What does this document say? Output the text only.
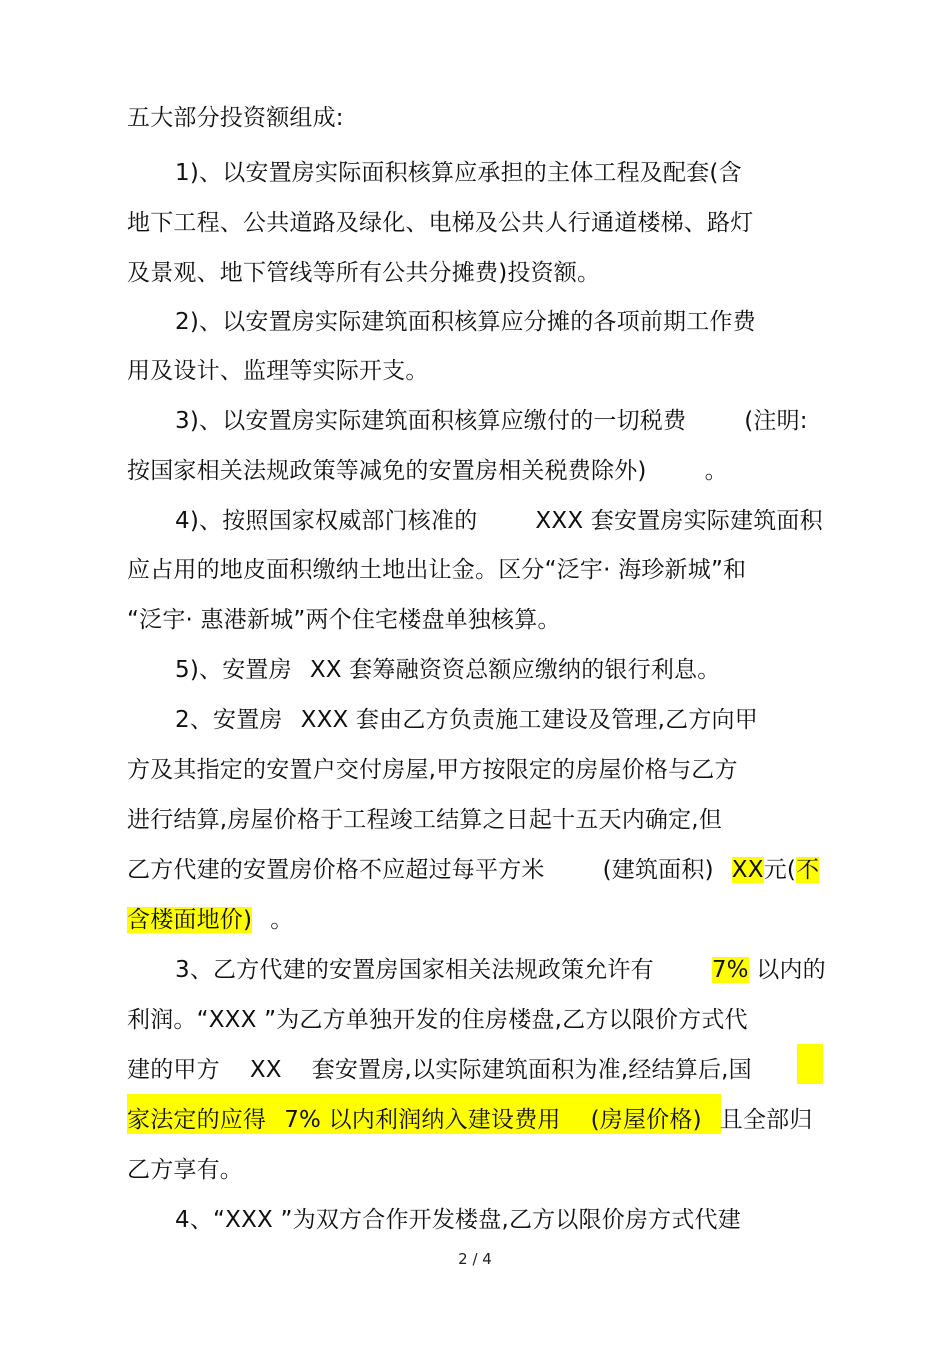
五大部分投资额组成:
1)、以安置房实际面积核算应承担的主体工程及配套(含
地下工程、公共道路及绿化、电梯及公共人行通道楼梯、路灯
及景观、地下管线等所有公共分摊费)投资额。
2)、以安置房实际建筑面积核算应分摊的各项前期工作费
用及设计、监理等实际开支。
3)、以安置房实际建筑面积核算应缴付的一切税费	(注明:
按国家相关法规政策等减免的安置房相关税费除外)	。
4)、按照国家权威部门核准的	XXX 套安置房实际建筑面积
应占用的地皮面积缴纳土地出让金。区分“泛宇· 海珍新城”和
“泛宇· 惠港新城”两个住宅楼盘单独核算。
5)、安置房 XX 套筹融资资总额应缴纳的银行利息。
2、安置房 XXX 套由乙方负责施工建设及管理,乙方向甲
方及其指定的安置户交付房屋,甲方按限定的房屋价格与乙方
进行结算,房屋价格于工程竣工结算之日起十五天内确定,但
乙方代建的安置房价格不应超过每平方米	(建筑面积) XX元(不
含楼面地价) 。
3、乙方代建的安置房国家相关法规政策允许有	7% 以内的
利润。“XXX ”为乙方单独开发的住房楼盘,乙方以限价方式代
建的甲方 XX 套安置房,以实际建筑面积为准,经结算后,国
家法定的应得 7% 以内利润纳入建设费用 (房屋价格) 且全部归
乙方享有。
4、“XXX ”为双方合作开发楼盘,乙方以限价房方式代建
2 / 4
